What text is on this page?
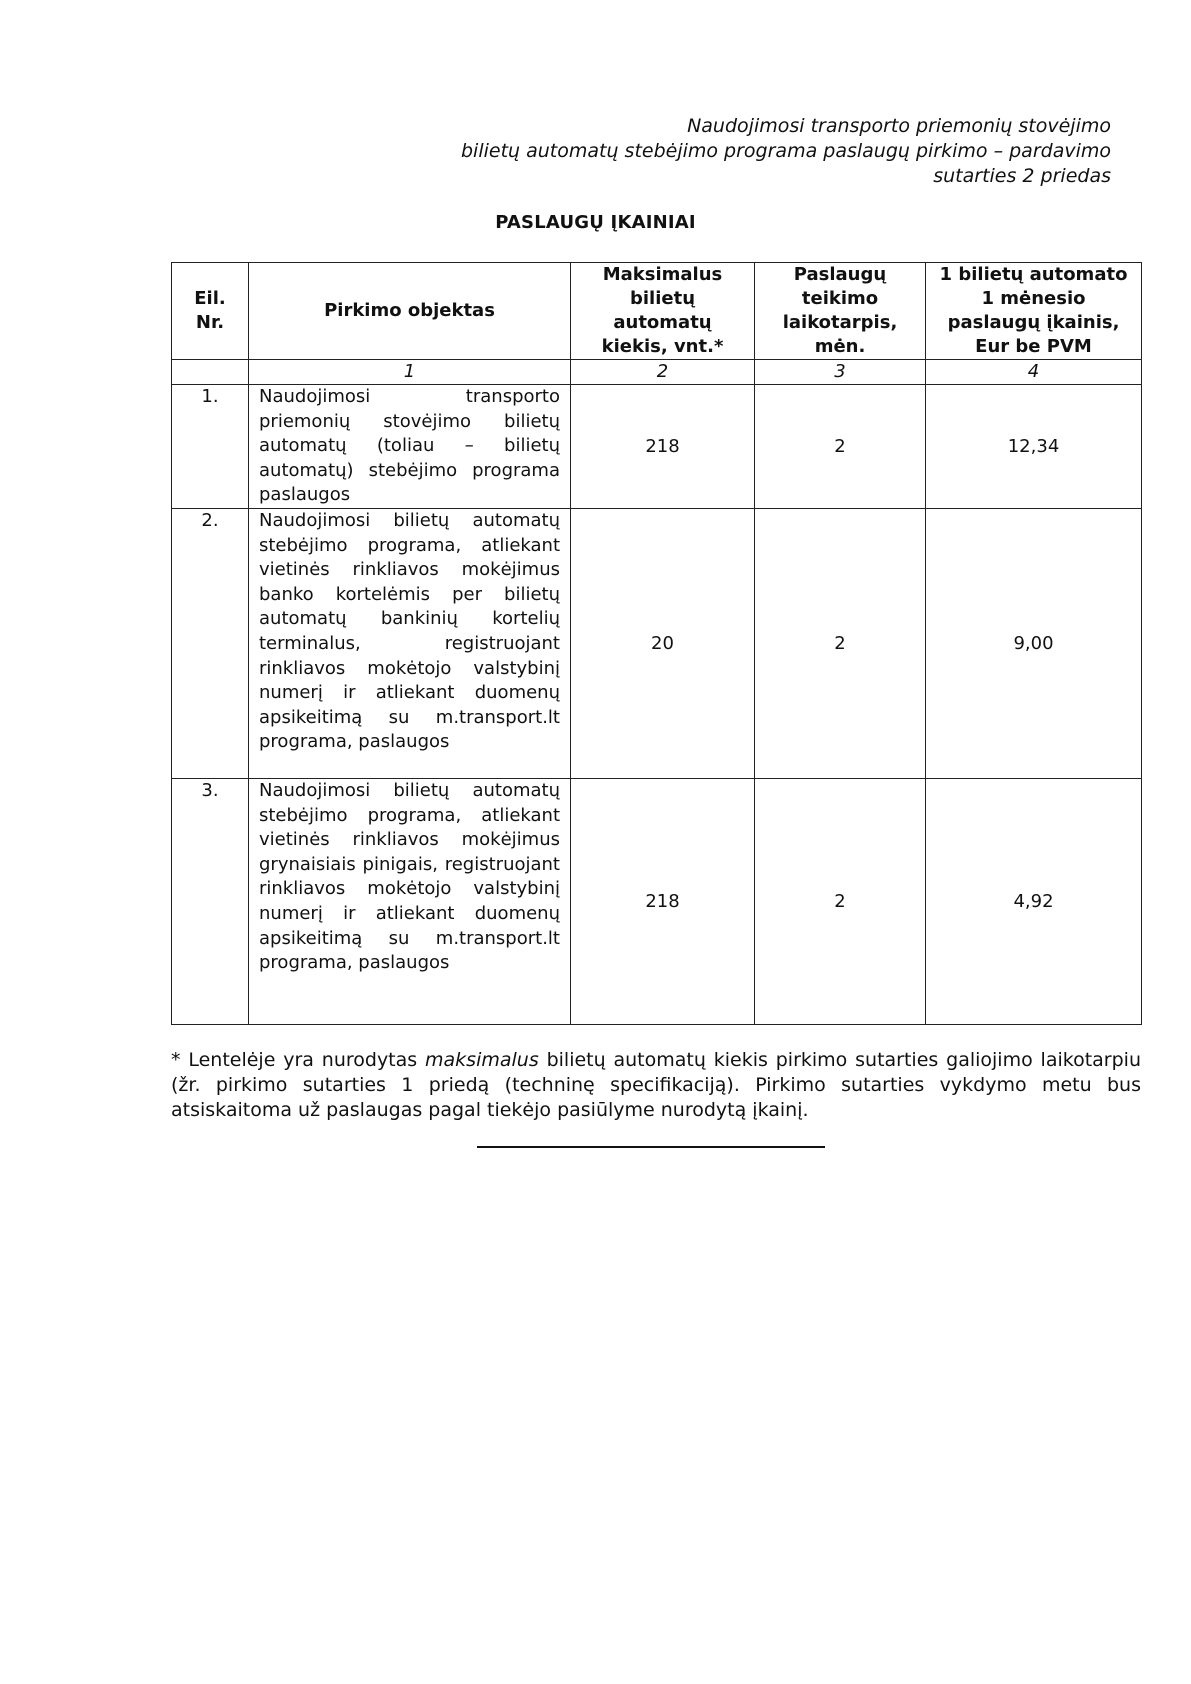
Naudojimosi transporto priemonių stovėjimo
bilietų automatų stebėjimo programa paslaugų pirkimo – pardavimo
sutarties 2 priedas
PASLAUGŲ ĮKAINIAI
Eil. Nr.	Pirkimo objektas	Maksimalus bilietų automatų kiekis, vnt.*	Paslaugų teikimo laikotarpis, mėn.	1 bilietų automato 1 mėnesio paslaugų įkainis, Eur be PVM
	1	2	3	4
1.	Naudojimosi transporto priemonių stovėjimo bilietų automatų (toliau – bilietų automatų) stebėjimo programa paslaugos	218	2	12,34
2.	Naudojimosi bilietų automatų stebėjimo programa, atliekant vietinės rinkliavos mokėjimus banko kortelėmis per bilietų automatų bankinių kortelių terminalus, registruojant rinkliavos mokėtojo valstybinį numerį ir atliekant duomenų apsikeitimą su m.transport.lt programa, paslaugos	20	2	9,00
3.	Naudojimosi bilietų automatų stebėjimo programa, atliekant vietinės rinkliavos mokėjimus grynaisiais pinigais, registruojant rinkliavos mokėtojo valstybinį numerį ir atliekant duomenų apsikeitimą su m.transport.lt programa, paslaugos	218	2	4,92
* Lentelėje yra nurodytas maksimalus bilietų automatų kiekis pirkimo sutarties galiojimo laikotarpiu (žr. pirkimo sutarties 1 priedą (techninę specifikaciją). Pirkimo sutarties vykdymo metu bus atsiskaitoma už paslaugas pagal tiekėjo pasiūlyme nurodytą įkainį.
